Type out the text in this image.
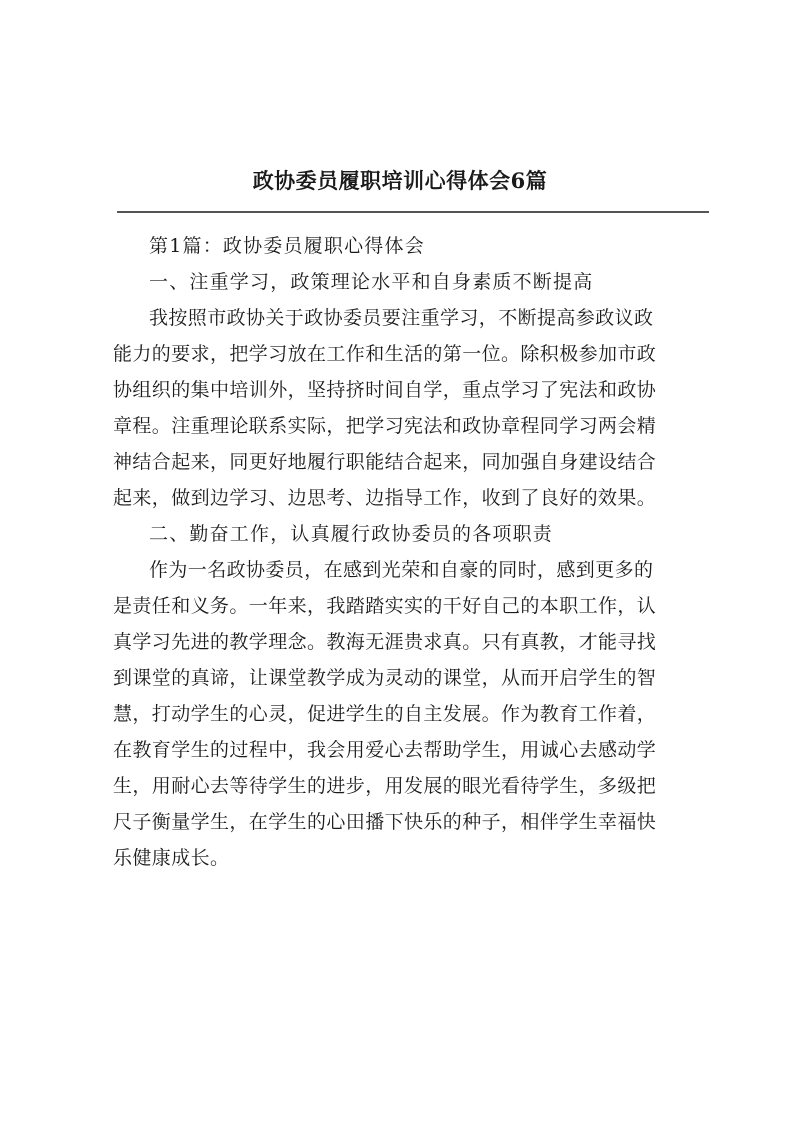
政协委员履职培训心得体会6篇
第1篇：政协委员履职心得体会
一、注重学习，政策理论水平和自身素质不断提高
我按照市政协关于政协委员要注重学习，不断提高参政议政
能力的要求，把学习放在工作和生活的第一位。除积极参加市政
协组织的集中培训外，坚持挤时间自学，重点学习了宪法和政协
章程。注重理论联系实际，把学习宪法和政协章程同学习两会精
神结合起来，同更好地履行职能结合起来，同加强自身建设结合
起来，做到边学习、边思考、边指导工作，收到了良好的效果。
二、勤奋工作，认真履行政协委员的各项职责
作为一名政协委员，在感到光荣和自豪的同时，感到更多的
是责任和义务。一年来，我踏踏实实的干好自己的本职工作，认
真学习先进的教学理念。教海无涯贵求真。只有真教，才能寻找
到课堂的真谛，让课堂教学成为灵动的课堂，从而开启学生的智
慧，打动学生的心灵，促进学生的自主发展。作为教育工作着，
在教育学生的过程中，我会用爱心去帮助学生，用诚心去感动学
生，用耐心去等待学生的进步，用发展的眼光看待学生，多级把
尺子衡量学生，在学生的心田播下快乐的种子，相伴学生幸福快
乐健康成长。
